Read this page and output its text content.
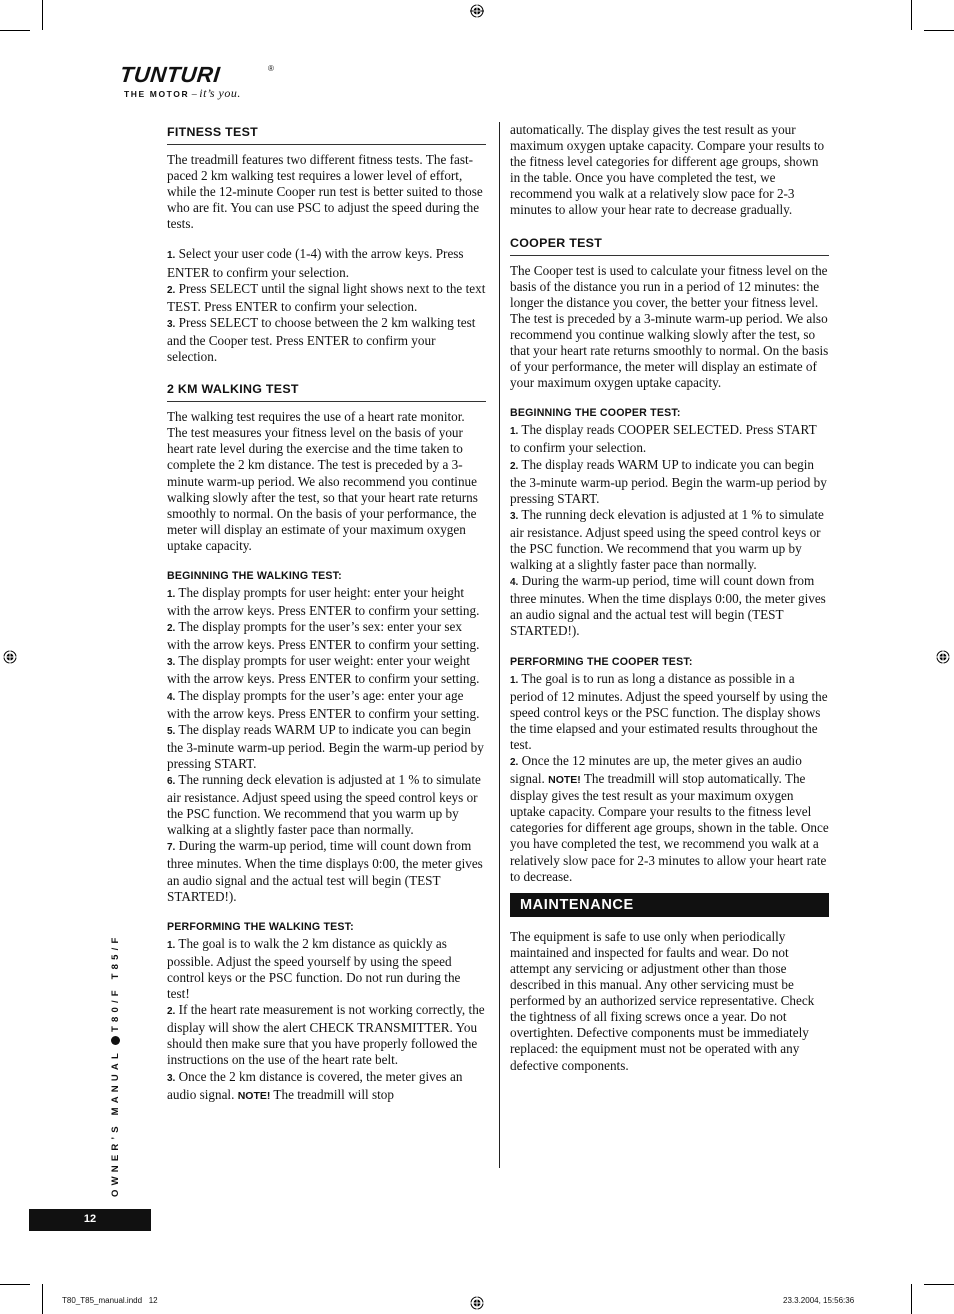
TUNTURI	®
THE MOTOR – it’s you.
OWNER’S MANUALT80/F T85/F
12
FITNESS TEST

The treadmill features two different fitness tests. The fast-paced 2 km walking test requires a lower level of effort, while the 12-minute Cooper run test is better suited to those who are fit. You can use PSC to adjust the speed during the tests.

1. Select your user code (1-4) with the arrow keys. Press ENTER to confirm your selection.

2. Press SELECT until the signal light shows next to the text TEST. Press ENTER to confirm your selection.

3. Press SELECT to choose between the 2 km walking test and the Cooper test. Press ENTER to confirm your selection.

2 KM WALKING TEST

The walking test requires the use of a heart rate monitor. The test measures your fitness level on the basis of your heart rate level during the exercise and the time taken to complete the 2 km distance. The test is preceded by a 3-minute warm-up period. We also recommend you continue walking slowly after the test, so that your heart rate returns smoothly to normal. On the basis of your performance, the meter will display an estimate of your maximum oxygen uptake capacity.

BEGINNING THE WALKING TEST:

1. The display prompts for user height: enter your height with the arrow keys. Press ENTER to confirm your setting.

2. The display prompts for the user’s sex: enter your sex with the arrow keys. Press ENTER to confirm your setting.

3. The display prompts for user weight: enter your weight with the arrow keys. Press ENTER to confirm your setting.

4. The display prompts for the user’s age: enter your age with the arrow keys. Press ENTER to confirm your setting.

5. The display reads WARM UP to indicate you can begin the 3-minute warm-up period. Begin the warm-up period by pressing START.

6. The running deck elevation is adjusted at 1 % to simulate air resistance. Adjust speed using the speed control keys or the PSC function. We recommend that you warm up by walking at a slightly faster pace than normally.

7. During the warm-up period, time will count down from three minutes. When the time displays 0:00, the meter gives an audio signal and the actual test will begin (TEST STARTED!).

PERFORMING THE WALKING TEST:

1. The goal is to walk the 2 km distance as quickly as possible. Adjust the speed yourself by using the speed control keys or the PSC function. Do not run during the test!

2. If the heart rate measurement is not working correctly, the display will show the alert CHECK TRANSMITTER. You should then make sure that you have properly followed the instructions on the use of the heart rate belt.

3. Once the 2 km distance is covered, the meter gives an audio signal. NOTE! The treadmill will stop

automatically. The display gives the test result as your maximum oxygen uptake capacity. Compare your results to the fitness level categories for different age groups, shown in the table. Once you have completed the test, we recommend you walk at a relatively slow pace for 2-3 minutes to allow your hear rate to decrease gradually.

COOPER TEST

The Cooper test is used to calculate your fitness level on the basis of the distance you run in a period of 12 minutes: the longer the distance you cover, the better your fitness level. The test is preceded by a 3-minute warm-up period. We also recommend you continue walking slowly after the test, so that your heart rate returns smoothly to normal. On the basis of your performance, the meter will display an estimate of your maximum oxygen uptake capacity.

BEGINNING THE COOPER TEST:

1. The display reads COOPER SELECTED. Press START to confirm your selection.

2. The display reads WARM UP to indicate you can begin the 3-minute warm-up period. Begin the warm-up period by pressing START.

3. The running deck elevation is adjusted at 1 % to simulate air resistance. Adjust speed using the speed control keys or the PSC function. We recommend that you warm up by walking at a slightly faster pace than normally.

4. During the warm-up period, time will count down from three minutes. When the time displays 0:00, the meter gives an audio signal and the actual test will begin (TEST STARTED!).

PERFORMING THE COOPER TEST:

1. The goal is to run as long a distance as possible in a period of 12 minutes. Adjust the speed yourself by using the speed control keys or the PSC function. The display shows the time elapsed and your estimated results throughout the test.

2. Once the 12 minutes are up, the meter gives an audio signal. NOTE! The treadmill will stop automatically. The display gives the test result as your maximum oxygen uptake capacity. Compare your results to the fitness level categories for different age groups, shown in the table. Once you have completed the test, we recommend you walk at a relatively slow pace for 2-3 minutes to allow your heart rate to decrease.

MAINTENANCE

The equipment is safe to use only when periodically maintained and inspected for faults and wear. Do not attempt any servicing or adjustment other than those described in this manual. Any other servicing must be performed by an authorized service representative. Check the tightness of all fixing screws once a year. Do not overtighten. Defective components must be immediately replaced: the equipment must not be operated with any defective components.

T80_T85_manual.indd   12	23.3.2004, 15:56:36
